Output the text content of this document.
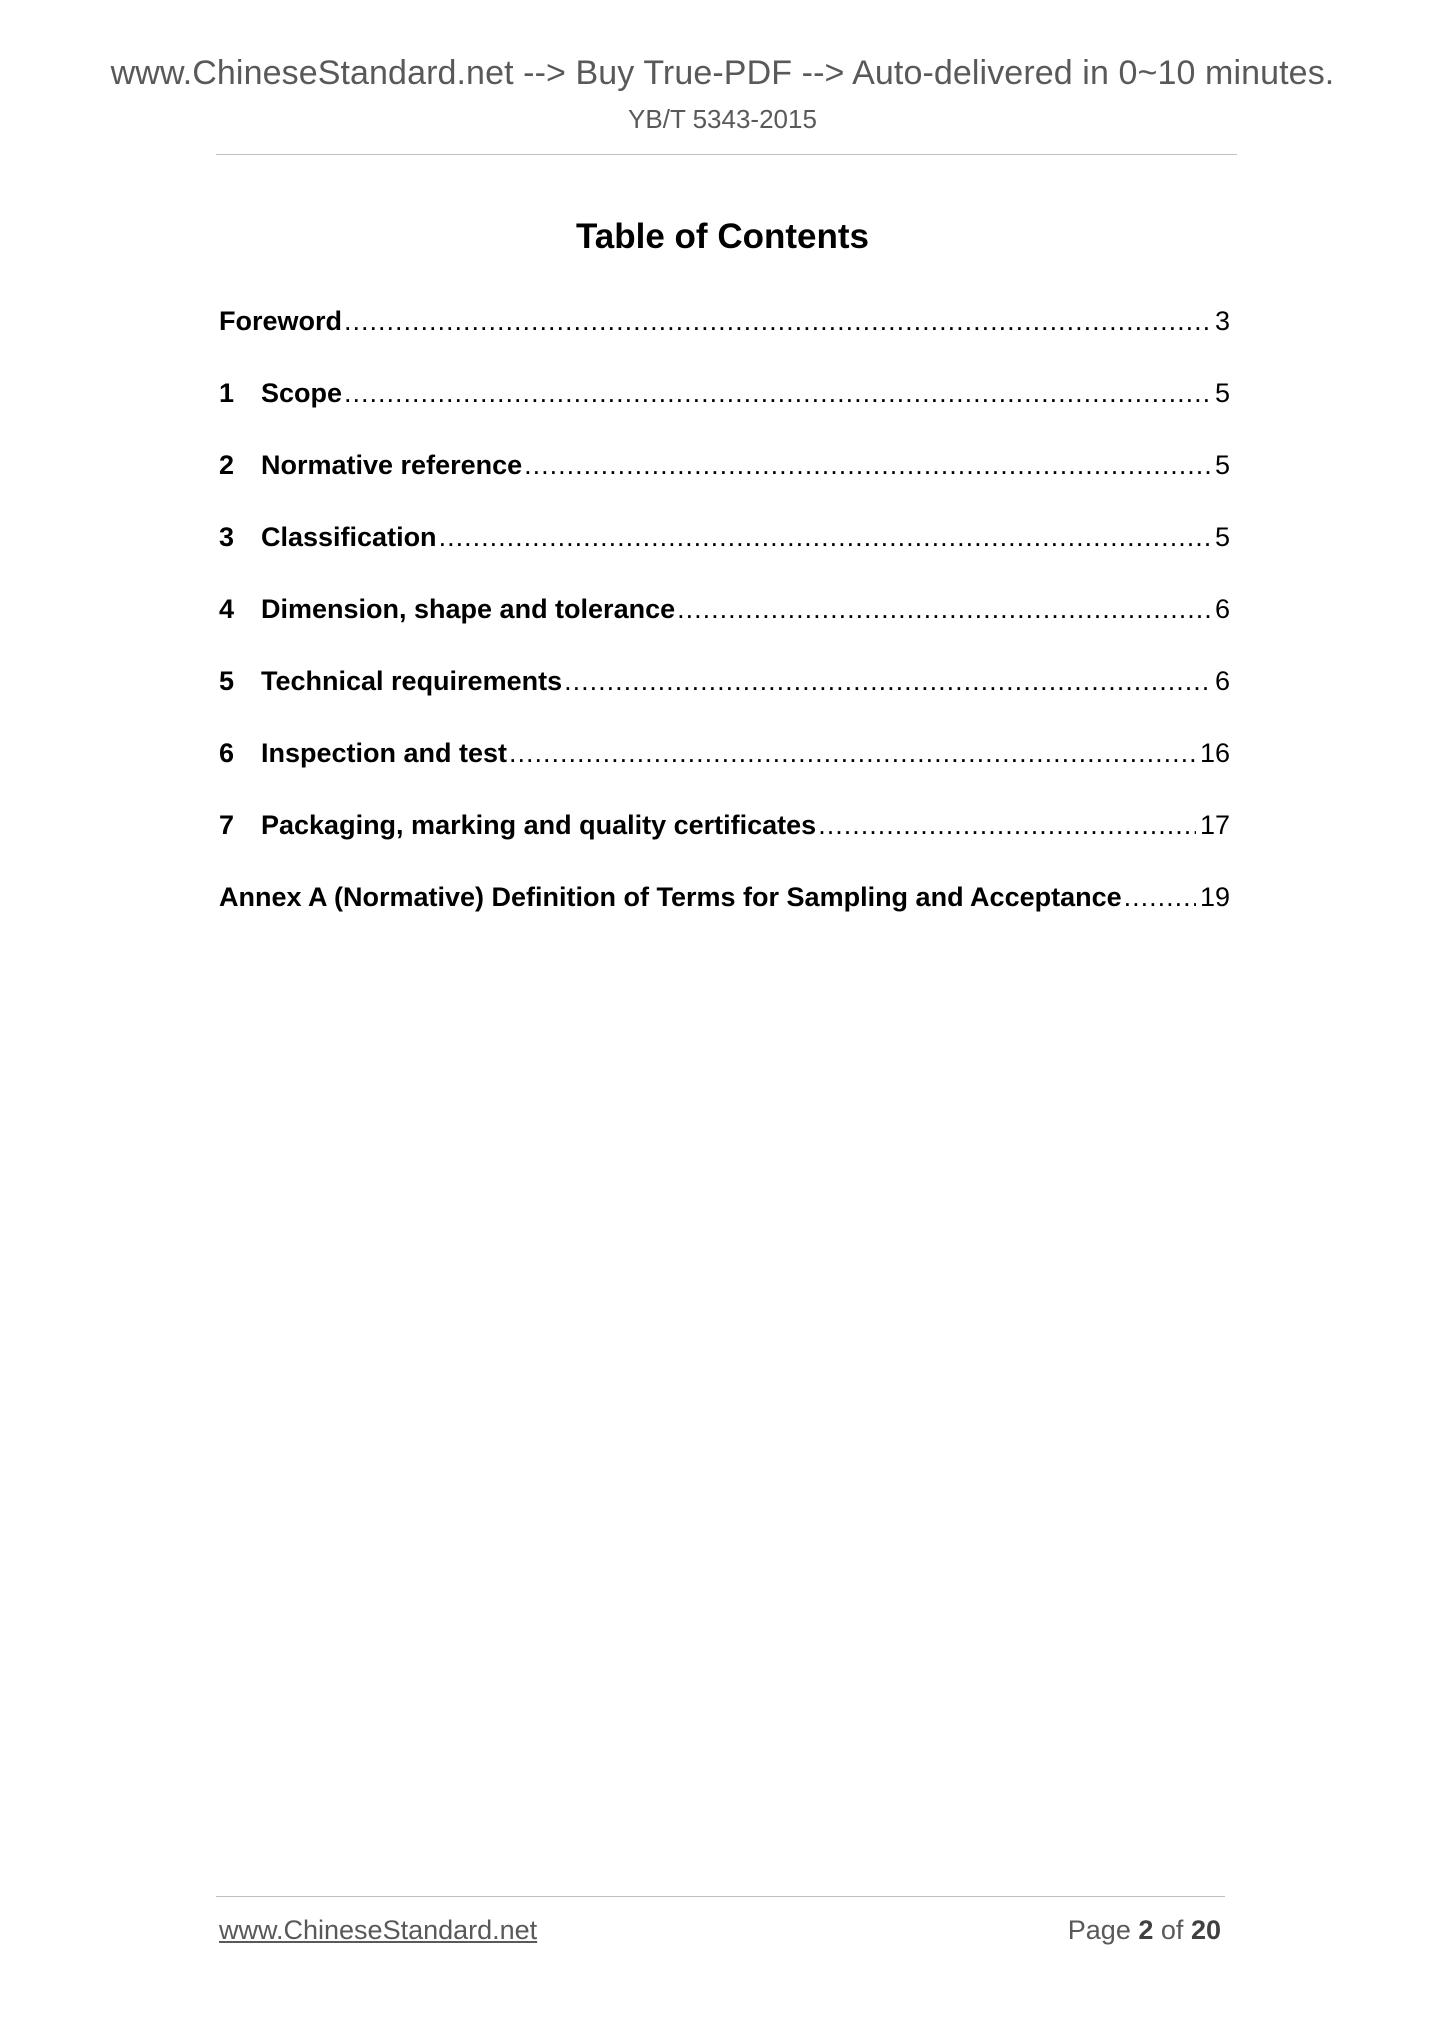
www.ChineseStandard.net --> Buy True-PDF --> Auto-delivered in 0~10 minutes.
YB/T 5343-2015
Table of Contents
Foreword .....	3
1 Scope .....	5
2 Normative reference .....	5
3 Classification .....	5
4 Dimension, shape and tolerance .....	6
5 Technical requirements .....	6
6 Inspection and test .....	16
7 Packaging, marking and quality certificates .....	17
Annex A (Normative) Definition of Terms for Sampling and Acceptance .....	19
www.ChineseStandard.net	Page 2 of 20
